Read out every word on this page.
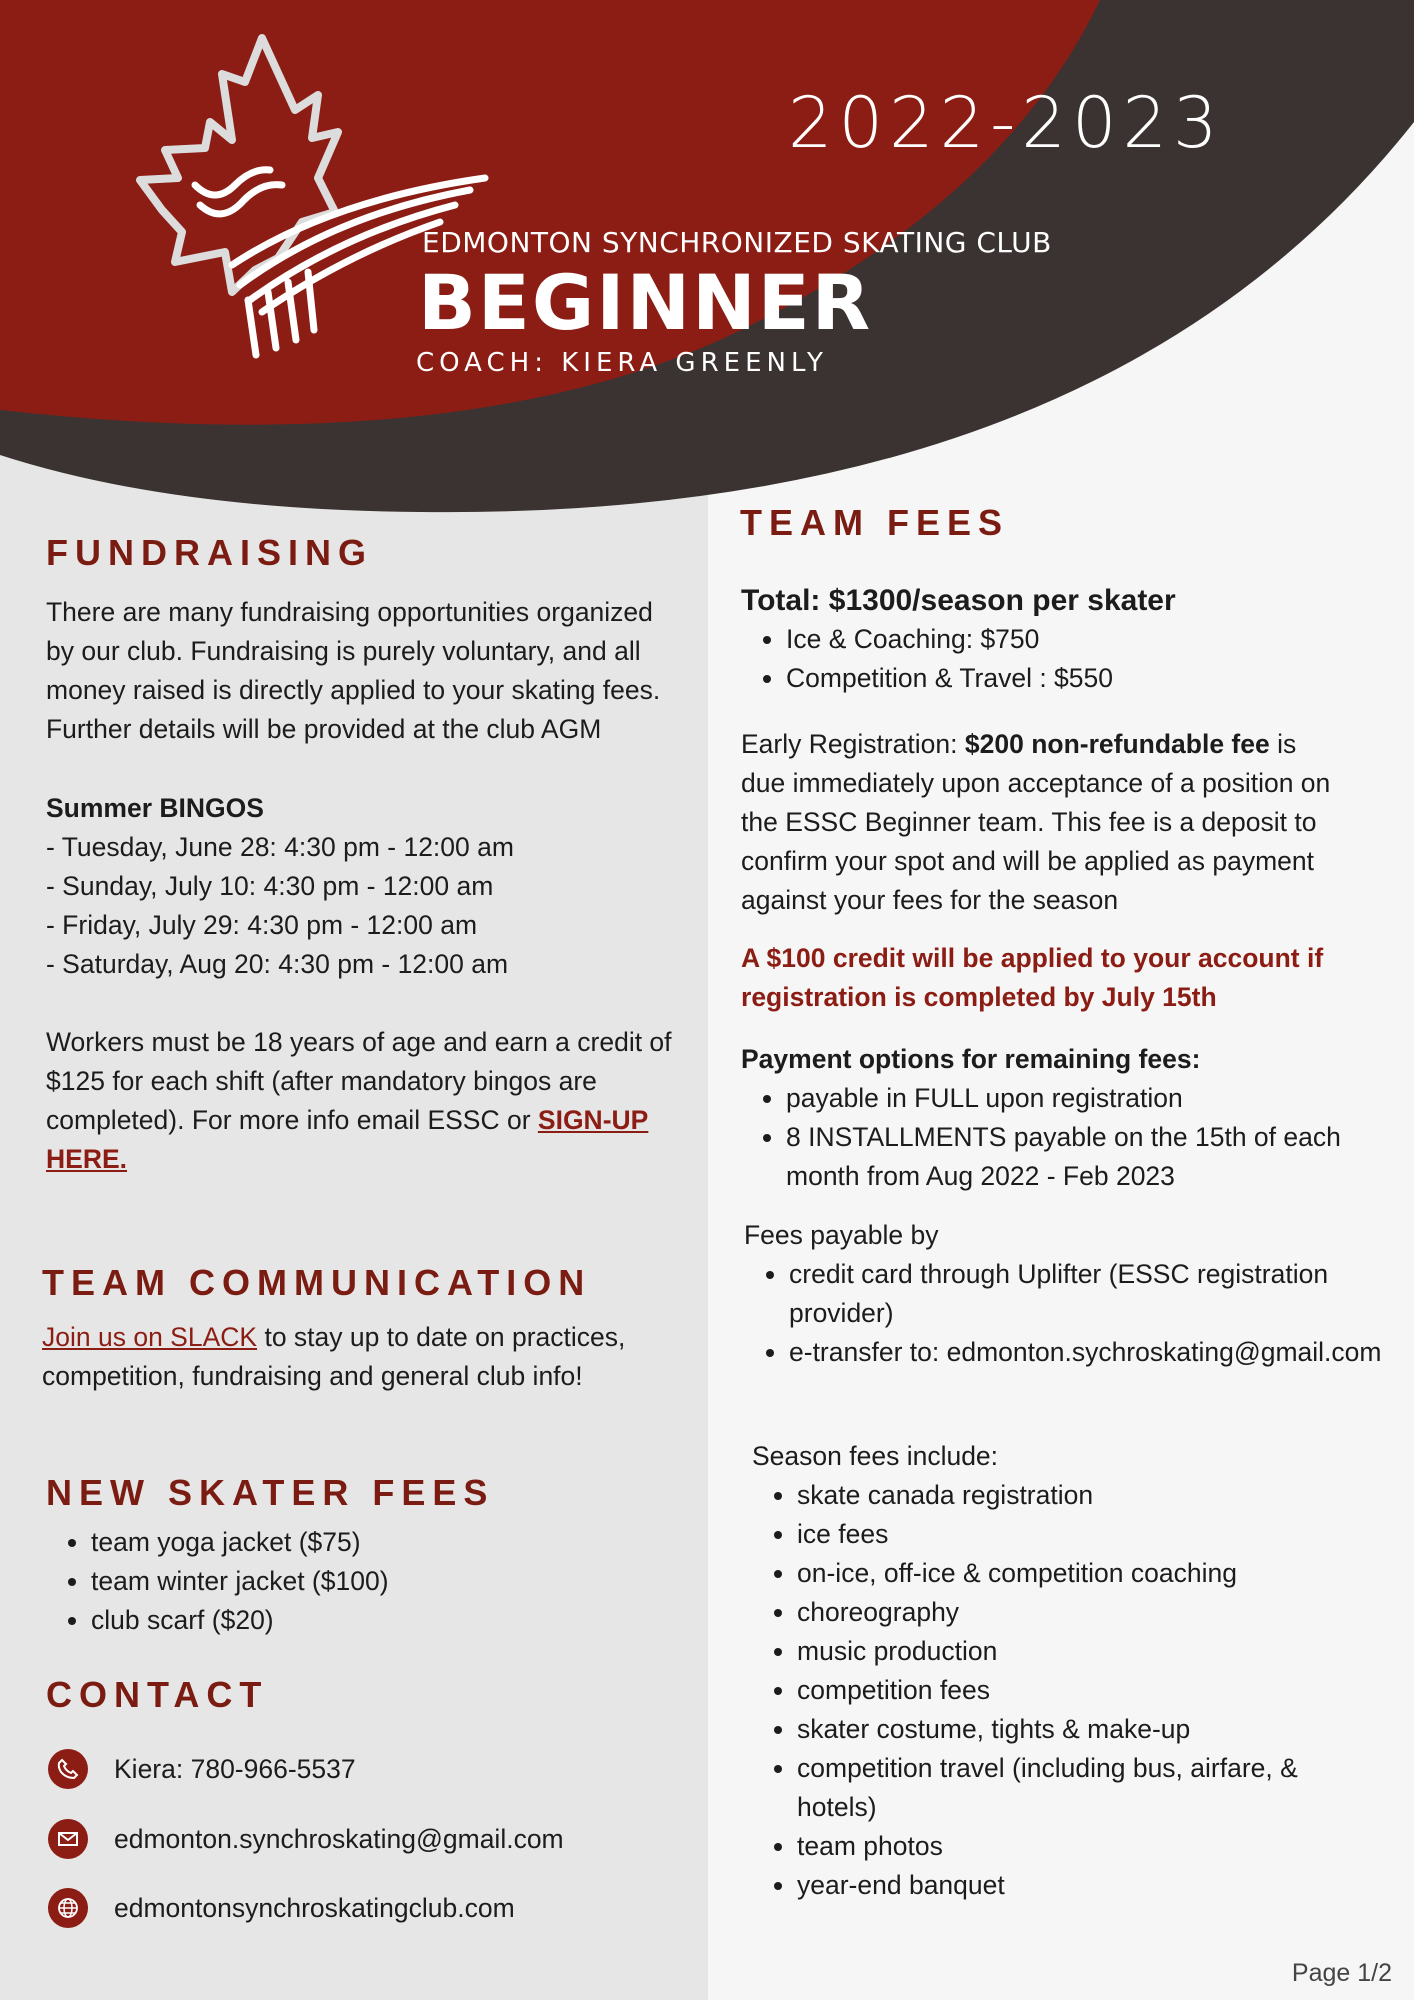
2022-2023
EDMONTON SYNCHRONIZED SKATING CLUB
BEGINNER
COACH: KIERA GREENLY
FUNDRAISING
There are many fundraising opportunities organized by our club. Fundraising is purely voluntary, and all money raised is directly applied to your skating fees. Further details will be provided at the club AGM
Summer BINGOS
- Tuesday, June 28: 4:30 pm - 12:00 am
- Sunday, July 10: 4:30 pm - 12:00 am
- Friday, July 29: 4:30 pm - 12:00 am
- Saturday, Aug 20: 4:30 pm - 12:00 am
Workers must be 18 years of age and earn a credit of $125 for each shift (after mandatory bingos are completed). For more info email ESSC or SIGN-UP HERE.
TEAM COMMUNICATION
Join us on SLACK to stay up to date on practices, competition, fundraising and general club info!
NEW SKATER FEES
• team yoga jacket ($75)
• team winter jacket ($100)
• club scarf ($20)
CONTACT
Kiera: 780-966-5537
edmonton.synchroskating@gmail.com
edmontonsynchroskatingclub.com
TEAM FEES
Total: $1300/season per skater
• Ice & Coaching: $750
• Competition & Travel : $550
Early Registration: $200 non-refundable fee is due immediately upon acceptance of a position on the ESSC Beginner team. This fee is a deposit to confirm your spot and will be applied as payment against your fees for the season
A $100 credit will be applied to your account if registration is completed by July 15th
Payment options for remaining fees:
• payable in FULL upon registration
• 8 INSTALLMENTS payable on the 15th of each month from Aug 2022 - Feb 2023
Fees payable by
• credit card through Uplifter (ESSC registration provider)
• e-transfer to: edmonton.sychroskating@gmail.com
Season fees include:
• skate canada registration
• ice fees
• on-ice, off-ice & competition coaching
• choreography
• music production
• competition fees
• skater costume, tights & make-up
• competition travel (including bus, airfare, & hotels)
• team photos
• year-end banquet
Page 1/2
